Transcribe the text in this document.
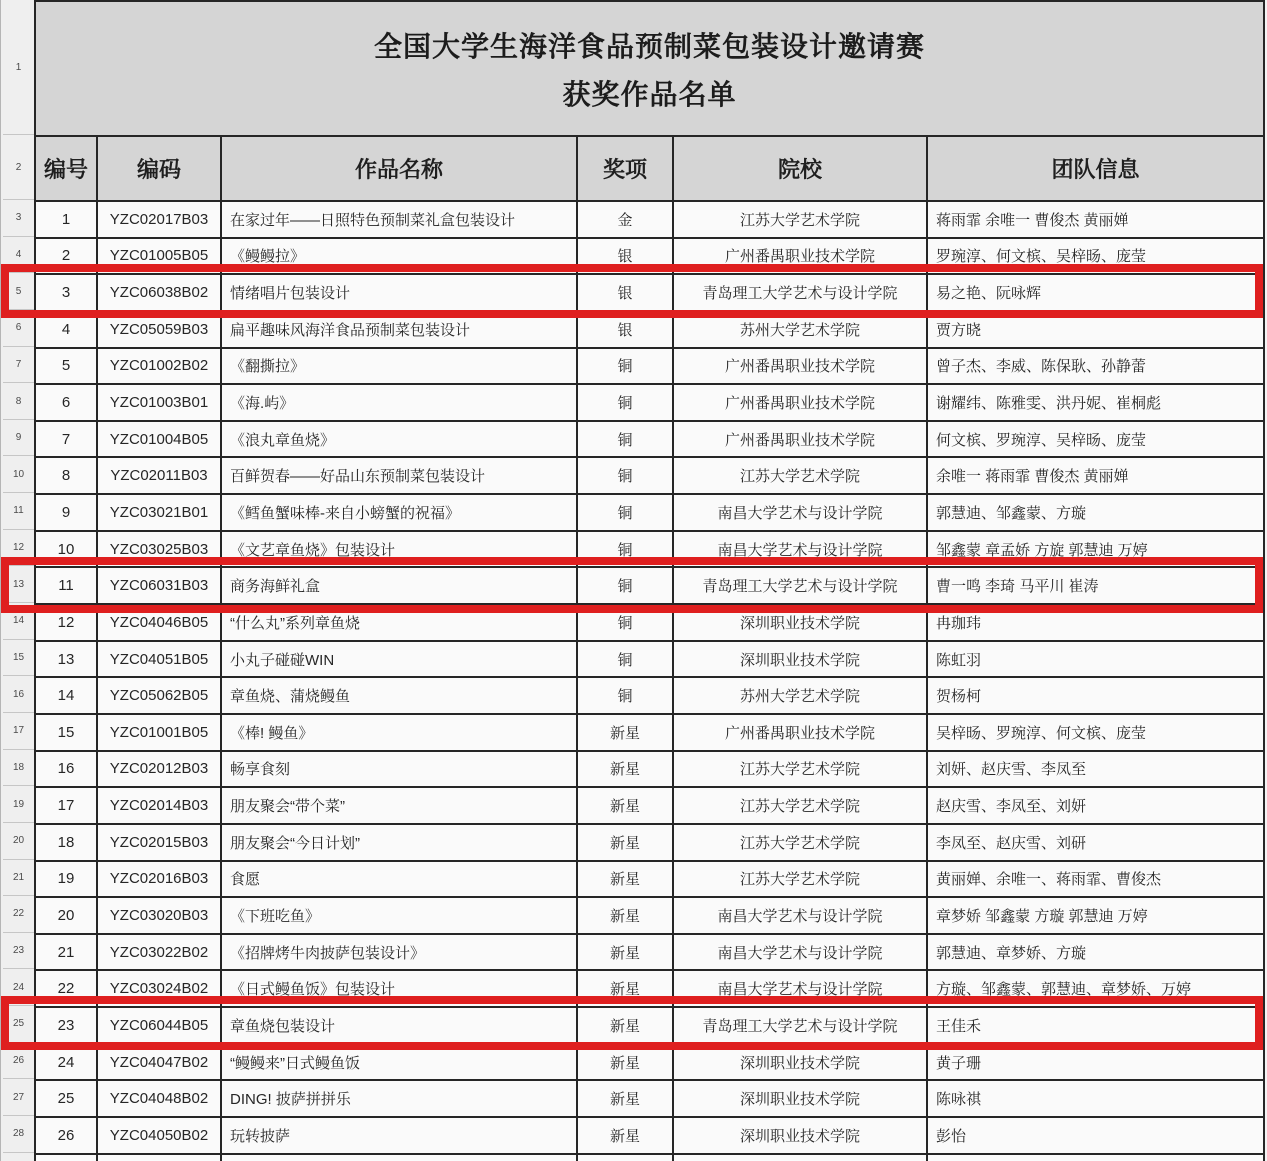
1
2
3
4
5
6
7
8
9
10
11
12
13
14
15
16
17
18
19
20
21
22
23
24
25
26
27
28
全国大学生海洋食品预制菜包装设计邀请赛
获奖作品名单
编号	编码	作品名称	奖项	院校	团队信息
1	YZC02017B03	在家过年——日照特色预制菜礼盒包装设计	金	江苏大学艺术学院	蒋雨霏 余唯一 曹俊杰 黄丽婵
2	YZC01005B05	《鳗鳗拉》	银	广州番禺职业技术学院	罗琬淳、何文槟、吴梓旸、庞莹
3	YZC06038B02	情绪唱片包装设计	银	青岛理工大学艺术与设计学院	易之艳、阮咏辉
4	YZC05059B03	扁平趣味风海洋食品预制菜包装设计	银	苏州大学艺术学院	贾方晓
5	YZC01002B02	《翻撕拉》	铜	广州番禺职业技术学院	曾子杰、李威、陈保耿、孙静蕾
6	YZC01003B01	《海.屿》	铜	广州番禺职业技术学院	谢耀纬、陈雅雯、洪丹妮、崔桐彪
7	YZC01004B05	《浪丸章鱼烧》	铜	广州番禺职业技术学院	何文槟、罗琬淳、吴梓旸、庞莹
8	YZC02011B03	百鲜贺春——好品山东预制菜包装设计	铜	江苏大学艺术学院	余唯一 蒋雨霏 曹俊杰 黄丽婵
9	YZC03021B01	《鳕鱼蟹味棒-来自小螃蟹的祝福》	铜	南昌大学艺术与设计学院	郭慧迪、邹鑫蒙、方璇
10	YZC03025B03	《文艺章鱼烧》包装设计	铜	南昌大学艺术与设计学院	邹鑫蒙 章孟娇 方旋 郭慧迪 万婷
11	YZC06031B03	商务海鲜礼盒	铜	青岛理工大学艺术与设计学院	曹一鸣 李琦 马平川 崔涛
12	YZC04046B05	“什么丸”系列章鱼烧	铜	深圳职业技术学院	冉珈玮
13	YZC04051B05	小丸子碰碰WIN	铜	深圳职业技术学院	陈虹羽
14	YZC05062B05	章鱼烧、蒲烧鳗鱼	铜	苏州大学艺术学院	贺杨柯
15	YZC01001B05	《棒! 鳗鱼》	新星	广州番禺职业技术学院	吴梓旸、罗琬淳、何文槟、庞莹
16	YZC02012B03	畅享食刻	新星	江苏大学艺术学院	刘妍、赵庆雪、李凤至
17	YZC02014B03	朋友聚会“带个菜”	新星	江苏大学艺术学院	赵庆雪、李凤至、刘妍
18	YZC02015B03	朋友聚会“今日计划”	新星	江苏大学艺术学院	李凤至、赵庆雪、刘研
19	YZC02016B03	食愿	新星	江苏大学艺术学院	黄丽婵、余唯一、蒋雨霏、曹俊杰
20	YZC03020B03	《下班吃鱼》	新星	南昌大学艺术与设计学院	章梦娇 邹鑫蒙 方璇 郭慧迪 万婷
21	YZC03022B02	《招牌烤牛肉披萨包装设计》	新星	南昌大学艺术与设计学院	郭慧迪、章梦娇、方璇
22	YZC03024B02	《日式鳗鱼饭》包装设计	新星	南昌大学艺术与设计学院	方璇、邹鑫蒙、郭慧迪、章梦娇、万婷
23	YZC06044B05	章鱼烧包装设计	新星	青岛理工大学艺术与设计学院	王佳禾
24	YZC04047B02	“鳗鳗来”日式鳗鱼饭	新星	深圳职业技术学院	黄子珊
25	YZC04048B02	DING! 披萨拼拼乐	新星	深圳职业技术学院	陈咏祺
26	YZC04050B02	玩转披萨	新星	深圳职业技术学院	彭怡
